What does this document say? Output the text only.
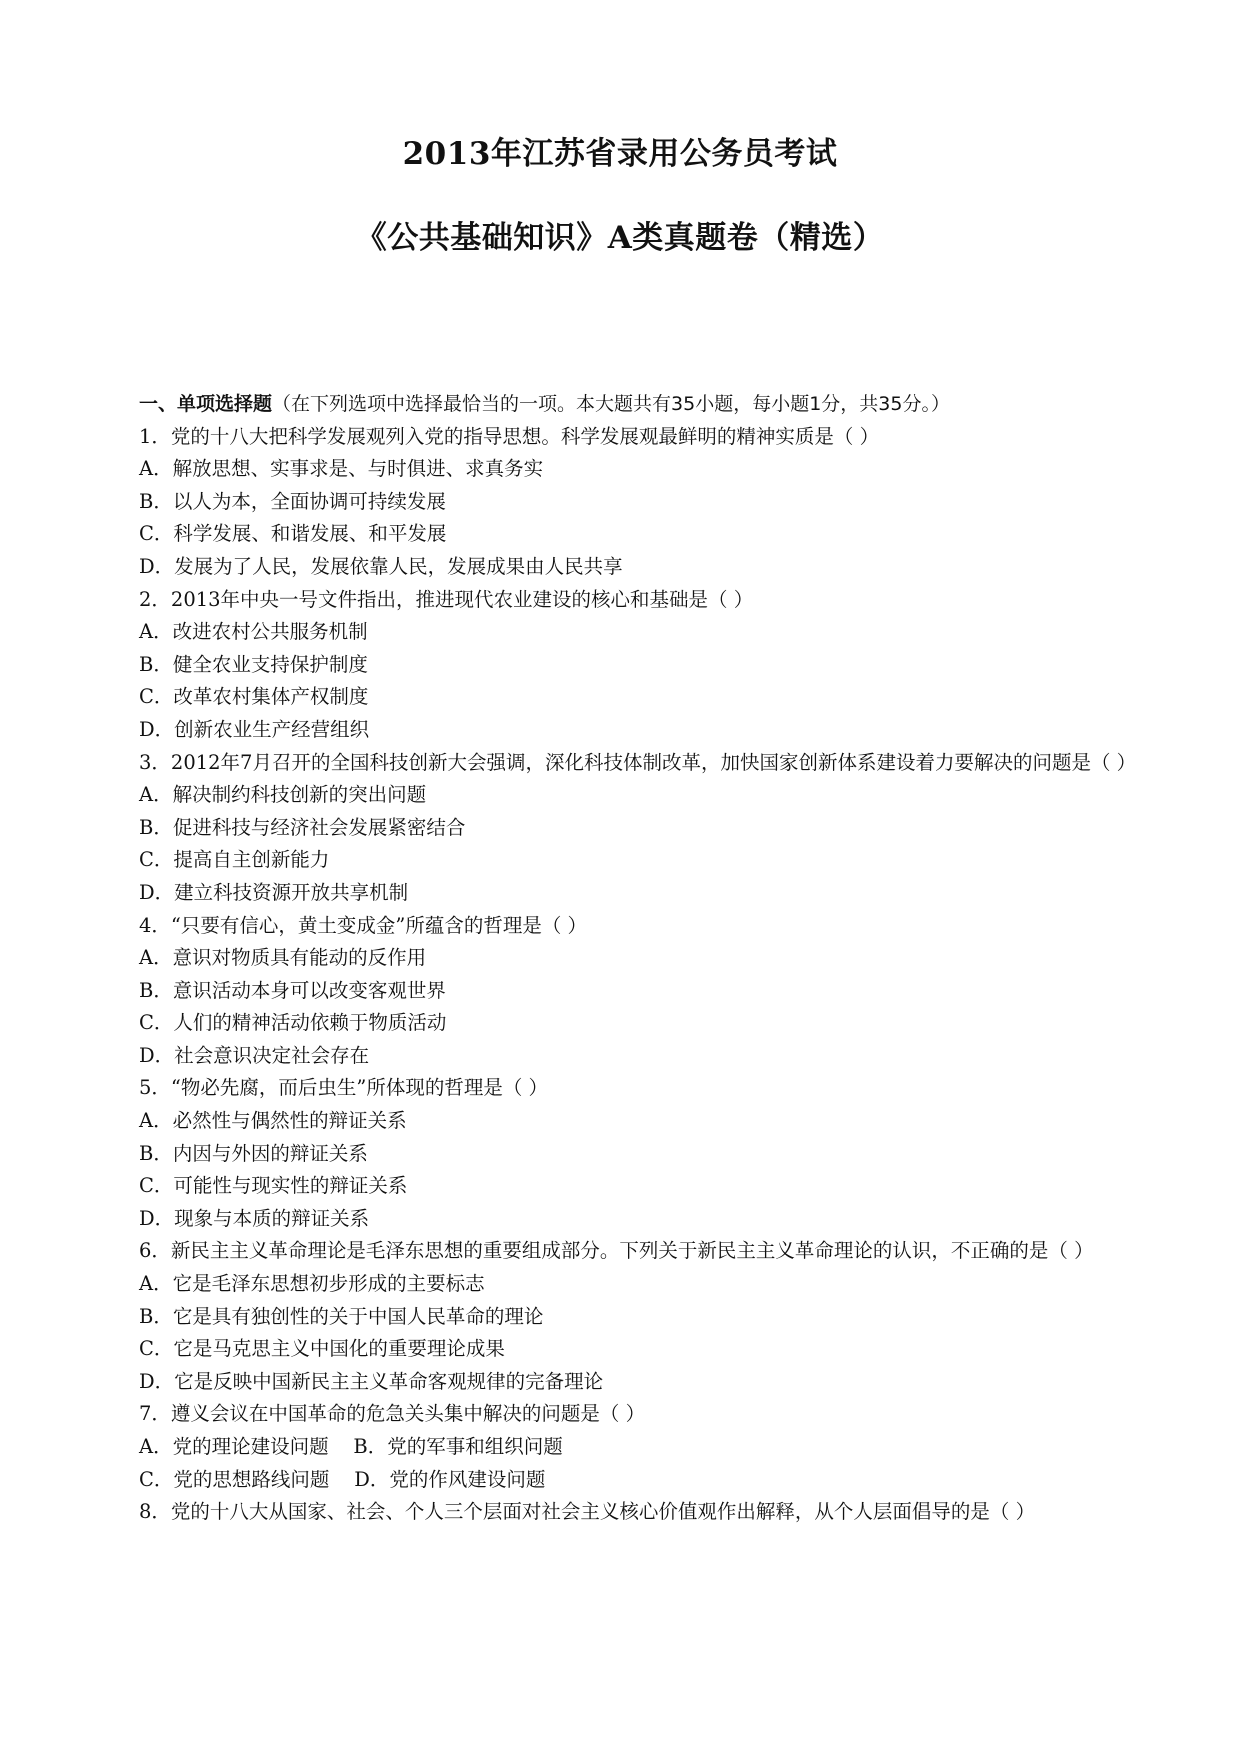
2013年江苏省录用公务员考试
《公共基础知识》A类真题卷（精选）
一、单项选择题（在下列选项中选择最恰当的一项。本大题共有35小题，每小题1分，共35分。）
1．党的十八大把科学发展观列入党的指导思想。科学发展观最鲜明的精神实质是（ ）
A．解放思想、实事求是、与时俱进、求真务实
B．以人为本，全面协调可持续发展
C．科学发展、和谐发展、和平发展
D．发展为了人民，发展依靠人民，发展成果由人民共享
2．2013年中央一号文件指出，推进现代农业建设的核心和基础是（ ）
A．改进农村公共服务机制
B．健全农业支持保护制度
C．改革农村集体产权制度
D．创新农业生产经营组织
3．2012年7月召开的全国科技创新大会强调，深化科技体制改革，加快国家创新体系建设着力要解决的问题是（ ）
A．解决制约科技创新的突出问题
B．促进科技与经济社会发展紧密结合
C．提高自主创新能力
D．建立科技资源开放共享机制
4．“只要有信心，黄土变成金”所蕴含的哲理是（ ）
A．意识对物质具有能动的反作用
B．意识活动本身可以改变客观世界
C．人们的精神活动依赖于物质活动
D．社会意识决定社会存在
5．“物必先腐，而后虫生”所体现的哲理是（ ）
A．必然性与偶然性的辩证关系
B．内因与外因的辩证关系
C．可能性与现实性的辩证关系
D．现象与本质的辩证关系
6．新民主主义革命理论是毛泽东思想的重要组成部分。下列关于新民主主义革命理论的认识，不正确的是（ ）
A．它是毛泽东思想初步形成的主要标志
B．它是具有独创性的关于中国人民革命的理论
C．它是马克思主义中国化的重要理论成果
D．它是反映中国新民主主义革命客观规律的完备理论
7．遵义会议在中国革命的危急关头集中解决的问题是（ ）
A．党的理论建设问题    B．党的军事和组织问题
C．党的思想路线问题    D．党的作风建设问题
8．党的十八大从国家、社会、个人三个层面对社会主义核心价值观作出解释，从个人层面倡导的是（ ）
